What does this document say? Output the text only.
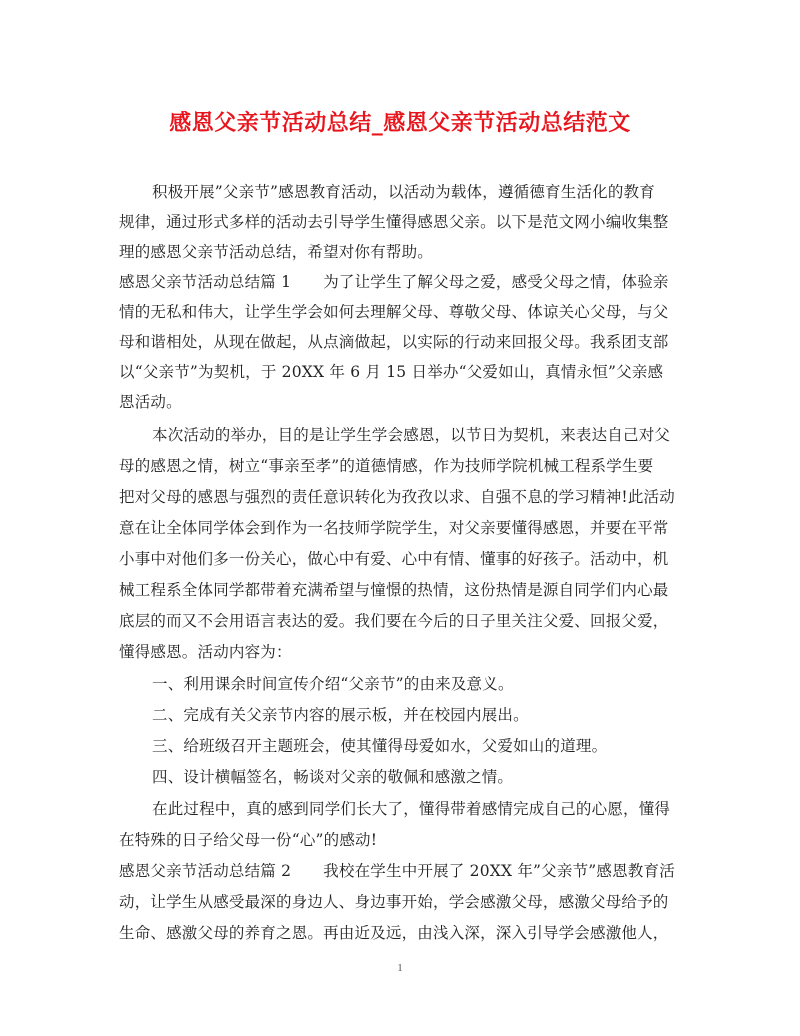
感恩父亲节活动总结_感恩父亲节活动总结范文
积极开展”父亲节”感恩教育活动，以活动为载体，遵循德育生活化的教育
规律，通过形式多样的活动去引导学生懂得感恩父亲。以下是范文网小编收集整
理的感恩父亲节活动总结，希望对你有帮助。
感恩父亲节活动总结篇 1 为了让学生了解父母之爱，感受父母之情，体验亲
情的无私和伟大，让学生学会如何去理解父母、尊敬父母、体谅关心父母，与父
母和谐相处，从现在做起，从点滴做起，以实际的行动来回报父母。我系团支部
以“父亲节”为契机，于 20XX 年 6 月 15 日举办“父爱如山，真情永恒”父亲感
恩活动。
本次活动的举办，目的是让学生学会感恩，以节日为契机，来表达自己对父
母的感恩之情，树立“事亲至孝”的道德情感，作为技师学院机械工程系学生要
把对父母的感恩与强烈的责任意识转化为孜孜以求、自强不息的学习精神!此活动
意在让全体同学体会到作为一名技师学院学生，对父亲要懂得感恩，并要在平常
小事中对他们多一份关心，做心中有爱、心中有情、懂事的好孩子。活动中，机
械工程系全体同学都带着充满希望与憧憬的热情，这份热情是源自同学们内心最
底层的而又不会用语言表达的爱。我们要在今后的日子里关注父爱、回报父爱，
懂得感恩。活动内容为：
一、利用课余时间宣传介绍“父亲节”的由来及意义。
二、完成有关父亲节内容的展示板，并在校园内展出。
三、给班级召开主题班会，使其懂得母爱如水，父爱如山的道理。
四、设计横幅签名，畅谈对父亲的敬佩和感激之情。
在此过程中，真的感到同学们长大了，懂得带着感情完成自己的心愿，懂得
在特殊的日子给父母一份“心”的感动!
感恩父亲节活动总结篇 2 我校在学生中开展了 20XX 年”父亲节”感恩教育活
动，让学生从感受最深的身边人、身边事开始，学会感激父母，感激父母给予的
生命、感激父母的养育之恩。再由近及远，由浅入深，深入引导学会感激他人，
1
